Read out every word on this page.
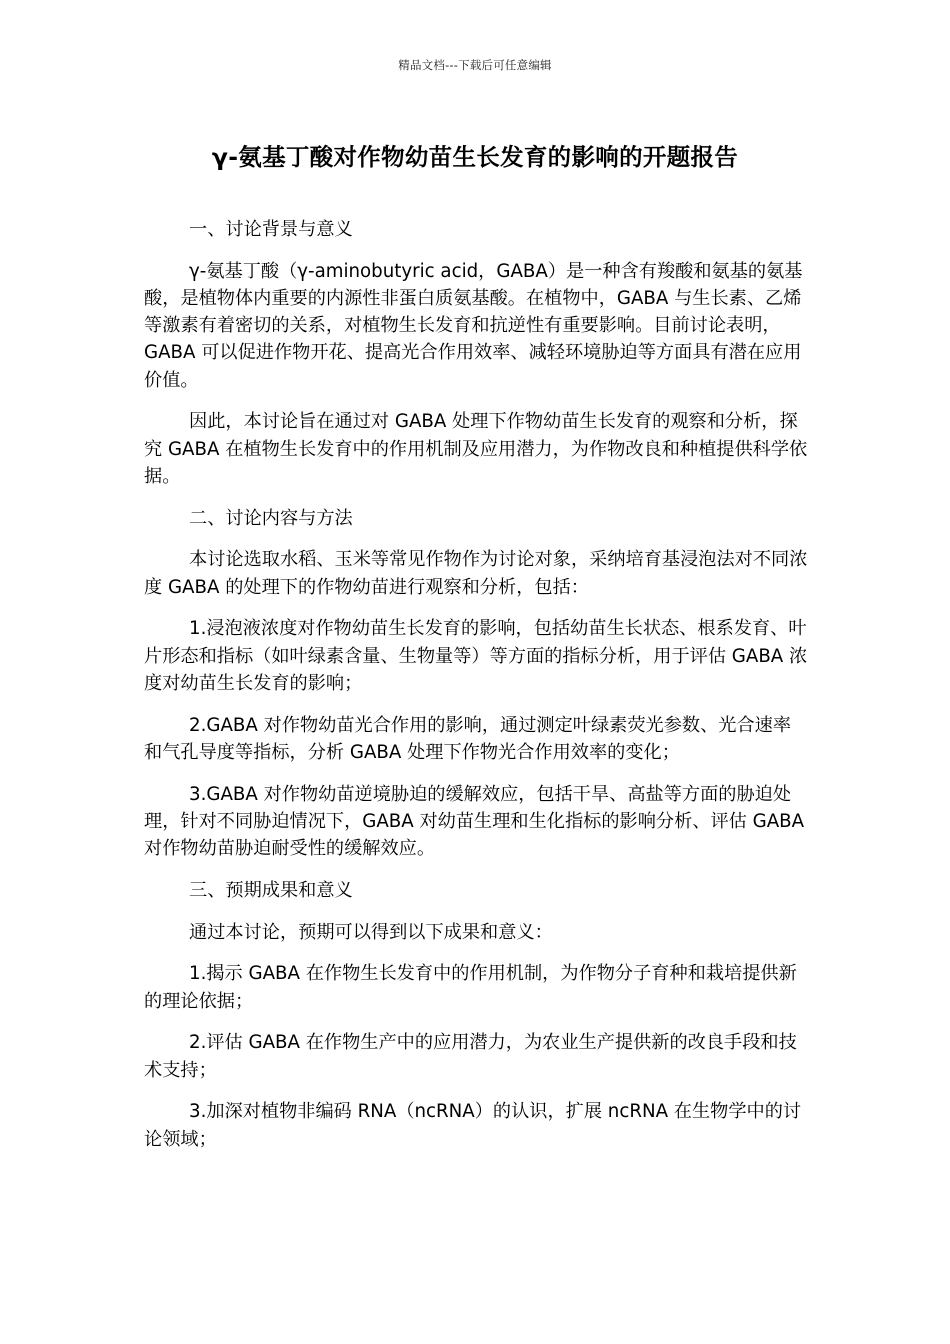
精品文档---下载后可任意编辑
γ-氨基丁酸对作物幼苗生长发育的影响的开题报告

一、讨论背景与意义

γ-氨基丁酸（γ-aminobutyric acid，GABA）是一种含有羧酸和氨基的氨基酸，是植物体内重要的内源性非蛋白质氨基酸。在植物中，GABA 与生长素、乙烯等激素有着密切的关系，对植物生长发育和抗逆性有重要影响。目前讨论表明，GABA 可以促进作物开花、提高光合作用效率、减轻环境胁迫等方面具有潜在应用价值。

因此，本讨论旨在通过对 GABA 处理下作物幼苗生长发育的观察和分析，探究 GABA 在植物生长发育中的作用机制及应用潜力，为作物改良和种植提供科学依据。

二、讨论内容与方法

本讨论选取水稻、玉米等常见作物作为讨论对象，采纳培育基浸泡法对不同浓度 GABA 的处理下的作物幼苗进行观察和分析，包括：

1.浸泡液浓度对作物幼苗生长发育的影响，包括幼苗生长状态、根系发育、叶片形态和指标（如叶绿素含量、生物量等）等方面的指标分析，用于评估 GABA 浓度对幼苗生长发育的影响；

2.GABA 对作物幼苗光合作用的影响，通过测定叶绿素荧光参数、光合速率和气孔导度等指标，分析 GABA 处理下作物光合作用效率的变化；

3.GABA 对作物幼苗逆境胁迫的缓解效应，包括干旱、高盐等方面的胁迫处理，针对不同胁迫情况下，GABA 对幼苗生理和生化指标的影响分析、评估 GABA 对作物幼苗胁迫耐受性的缓解效应。

三、预期成果和意义

通过本讨论，预期可以得到以下成果和意义：

1.揭示 GABA 在作物生长发育中的作用机制，为作物分子育种和栽培提供新的理论依据；

2.评估 GABA 在作物生产中的应用潜力，为农业生产提供新的改良手段和技术支持；

3.加深对植物非编码 RNA（ncRNA）的认识，扩展 ncRNA 在生物学中的讨论领域；
